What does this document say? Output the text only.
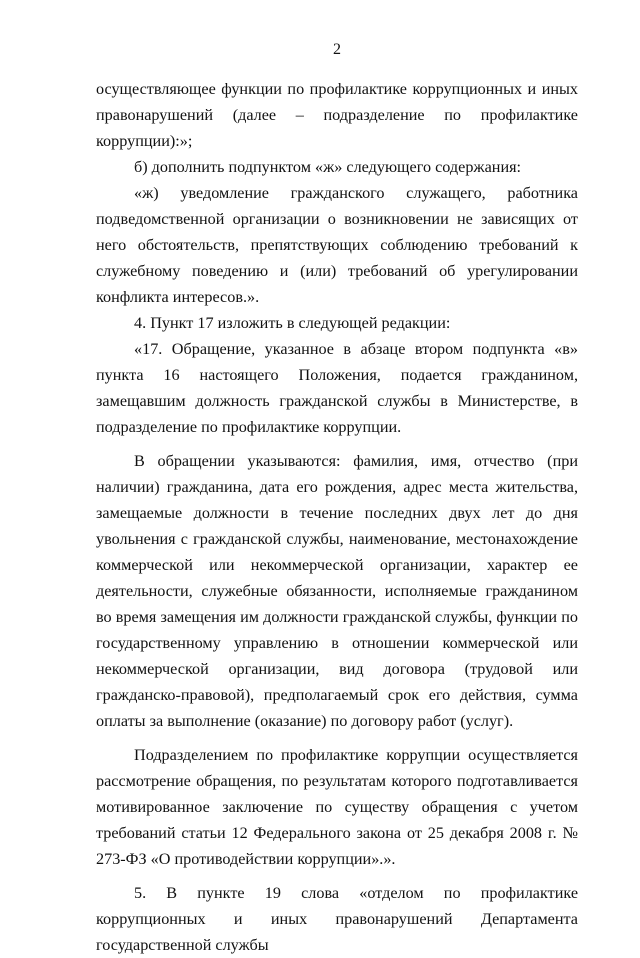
2

осуществляющее функции по профилактике коррупционных и иных правонарушений (далее – подразделение по профилактике коррупции):»;

б) дополнить подпунктом «ж» следующего содержания:

«ж) уведомление гражданского служащего, работника подведомственной организации о возникновении не зависящих от него обстоятельств, препятствующих соблюдению требований к служебному поведению и (или) требований об урегулировании конфликта интересов.».

4. Пункт 17 изложить в следующей редакции:

«17. Обращение, указанное в абзаце втором подпункта «в» пункта 16 настоящего Положения, подается гражданином, замещавшим должность гражданской службы в Министерстве, в подразделение по профилактике коррупции.

В обращении указываются: фамилия, имя, отчество (при наличии) гражданина, дата его рождения, адрес места жительства, замещаемые должности в течение последних двух лет до дня увольнения с гражданской службы, наименование, местонахождение коммерческой или некоммерческой организации, характер ее деятельности, служебные обязанности, исполняемые гражданином во время замещения им должности гражданской службы, функции по государственному управлению в отношении коммерческой или некоммерческой организации, вид договора (трудовой или гражданско-правовой), предполагаемый срок его действия, сумма оплаты за выполнение (оказание) по договору работ (услуг).

Подразделением по профилактике коррупции осуществляется рассмотрение обращения, по результатам которого подготавливается мотивированное заключение по существу обращения с учетом требований статьи 12 Федерального закона от 25 декабря 2008 г. № 273-ФЗ «О противодействии коррупции».».

5. В пункте 19 слова «отделом по профилактике коррупционных и иных правонарушений Департамента государственной службы
